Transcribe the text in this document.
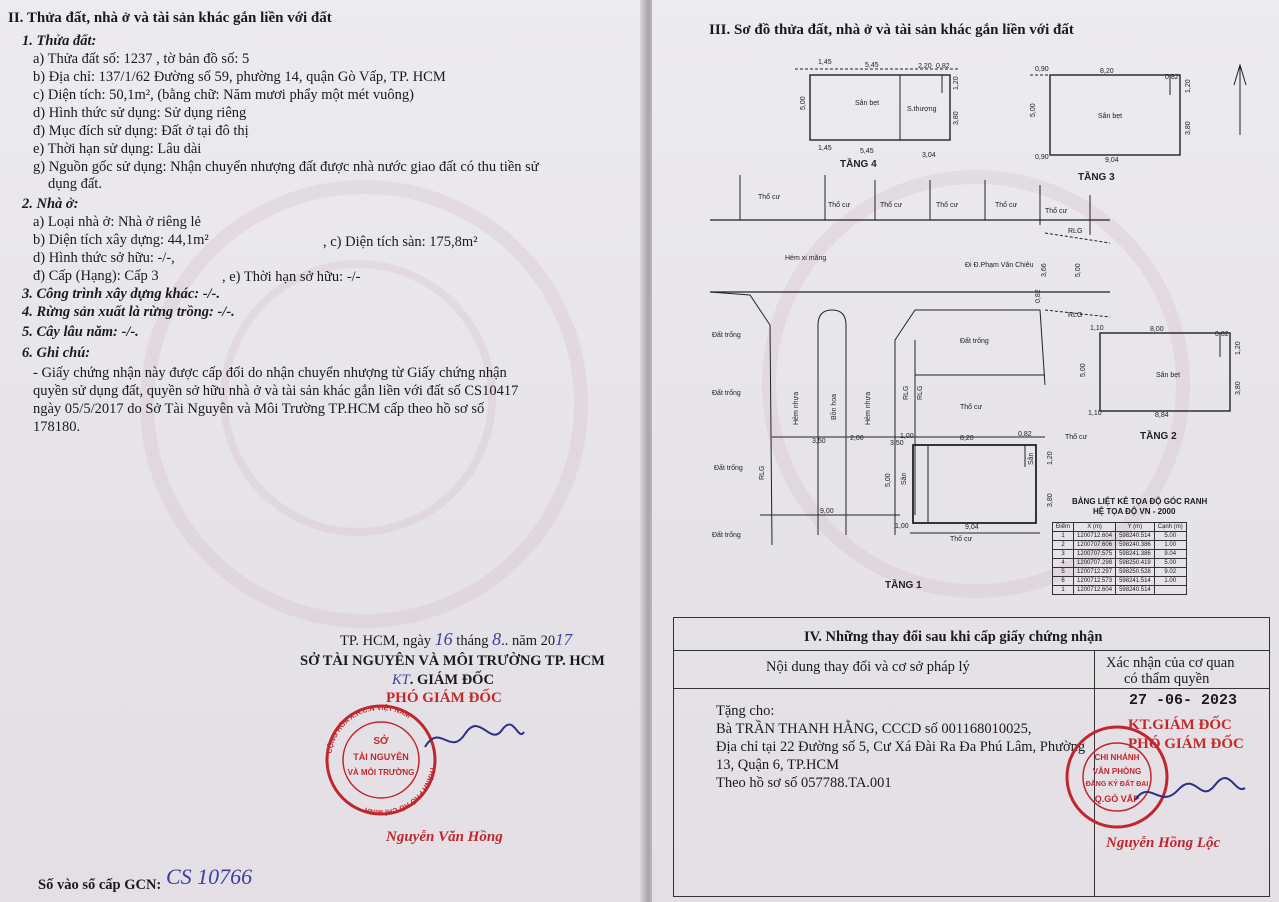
II. Thửa đất, nhà ở và tài sản khác gắn liền với đất
1. Thửa đất:
a) Thửa đất số: 1237 , tờ bản đồ số: 5
b) Địa chỉ: 137/1/62 Đường số 59, phường 14, quận Gò Vấp, TP. HCM
c) Diện tích: 50,1m², (bằng chữ: Năm mươi phẩy một mét vuông)
d) Hình thức sử dụng: Sử dụng riêng
đ) Mục đích sử dụng: Đất ở tại đô thị
e) Thời hạn sử dụng: Lâu dài
g) Nguồn gốc sử dụng: Nhận chuyển nhượng đất được nhà nước giao đất có thu tiền sử
dụng đất.
2. Nhà ở:
a) Loại nhà ở: Nhà ở riêng lẻ
b) Diện tích xây dựng: 44,1m²	, c) Diện tích sàn: 175,8m²
d) Hình thức sở hữu: -/-,
đ) Cấp (Hạng): Cấp 3	, e) Thời hạn sở hữu: -/-
3. Công trình xây dựng khác: -/-.
4. Rừng sản xuất là rừng trồng: -/-.
5. Cây lâu năm: -/-.
6. Ghi chú:
- Giấy chứng nhận này được cấp đổi do nhận chuyển nhượng từ Giấy chứng nhận
quyền sử dụng đất, quyền sở hữu nhà ở và tài sản khác gắn liền với đất số CS10417
ngày 05/5/2017 do Sở Tài Nguyên và Môi Trường TP.HCM cấp theo hồ sơ số
178180.
TP. HCM, ngày 16 tháng 8.. năm 2017
SỞ TÀI NGUYÊN VÀ MÔI TRƯỜNG TP. HCM
KT. GIÁM ĐỐC
PHÓ GIÁM ĐỐC
CỘNG HÒA X.H.C.N VIỆT NAM
THÀNH PHỐ HỒ CHÍ MINH
SỞ
TÀI NGUYÊN
VÀ MÔI TRƯỜNG
Nguyễn Văn Hồng
Số vào sổ cấp GCN: CS 10766
III. Sơ đồ thửa đất, nhà ở và tài sản khác gắn liền với đất
1,45	5,45	2,20 0,82
5,00	Sân bẹt
S.thượng
1,45	5,45
3,04
1,20
3,80
TẦNG 4
0,90	8,20
0,82
5,00	Sân bẹt
0,90	9,04
1,20
3,80
TẦNG 3
1,10	8,00
0,82
5,00	Sân bẹt
1,10	8,84
1,20
3,80
TẦNG 2
Thổ cư
Thổ cư
Thổ cư	Thổ cư	Thổ cư	Thổ cư
Thổ cư
RLG
Hẻm xi măng
Đi Đ.Phạm Văn Chiêu
RLG
3,66	5,00
0,82
Đất trống
Đất trống
Đất trống
Đất trống
Đất trống
Hẻm nhựa	Bồn hoa	Hẻm nhựa	RLG RLG
RLG
Thổ cư
3,50	2,00
3,50
1,00	8,20
0,82
5,00 Sân
Sân 1,20
3,80
9,00
1,00	9,04
Thổ cư
TẦNG 1
BẢNG LIỆT KÊ TỌA ĐỘ GÓC RANH
HỆ TỌA ĐỘ VN - 2000
Điểm	X (m)	Y (m)	Cạnh (m)
1	1200712.604	598240.514	5.00
2	1200707.606	598240.386	1.00
3	1200707.575	598241.386	9.04
4	1200707.298	598250.419	5.00
5	1200712.297	598250.528	9.02
6	1200712.573	598241.514	1.00
1	1200712.604	598240.514	
IV. Những thay đổi sau khi cấp giấy chứng nhận
Nội dung thay đổi và cơ sở pháp lý	Xác nhận của cơ quan
có thẩm quyền
Tặng cho:
Bà TRẦN THANH HẰNG, CCCD số 001168010025,
Địa chỉ tại 22 Đường số 5, Cư Xá Đài Ra Đa Phú Lâm, Phường
13, Quận 6, TP.HCM
Theo hồ sơ số 057788.TA.001
27 -06- 2023
KT.GIÁM ĐỐC
PHÓ GIÁM ĐỐC
Nguyễn Hồng Lộc
CHI NHÁNH
VĂN PHÒNG
ĐĂNG KÝ ĐẤT ĐAI
Q.GÒ VẤP
